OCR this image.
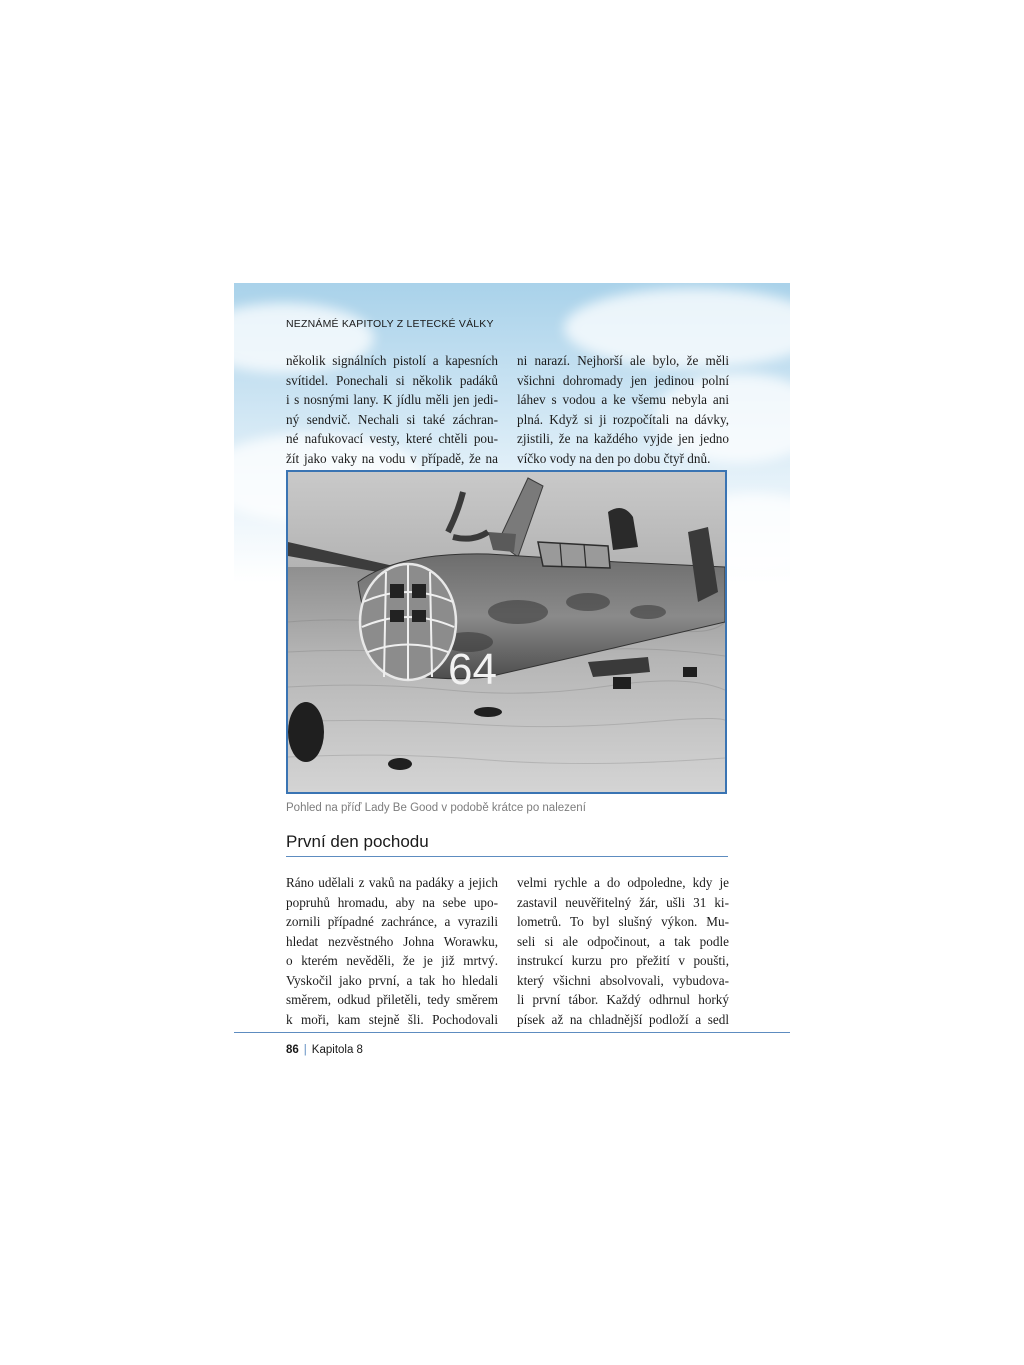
NEZNÁMÉ KAPITOLY Z LETECKÉ VÁLKY
několik signálních pistolí a kapesních
svítidel. Ponechali si několik padáků
i s nosnými lany. K jídlu měli jen jedi-
ný sendvič. Nechali si také záchran-
né nafukovací vesty, které chtěli pou-
žít jako vaky na vodu v případě, že na
ni narazí. Nejhorší ale bylo, že měli
všichni dohromady jen jedinou polní
láhev s vodou a ke všemu nebyla ani
plná. Když si ji rozpočítali na dávky,
zjistili, že na každého vyjde jen jedno
víčko vody na den po dobu čtyř dnů.
64
Pohled na příď Lady Be Good v podobě krátce po nalezení
První den pochodu
Ráno udělali z vaků na padáky a jejich
popruhů hromadu, aby na sebe upo-
zornili případné zachránce, a vyrazili
hledat nezvěstného Johna Worawku,
o kterém nevěděli, že je již mrtvý.
Vyskočil jako první, a tak ho hledali
směrem, odkud přiletěli, tedy směrem
k moři, kam stejně šli. Pochodovali
velmi rychle a do odpoledne, kdy je
zastavil neuvěřitelný žár, ušli 31 ki-
lometrů. To byl slušný výkon. Mu-
seli si ale odpočinout, a tak podle
instrukcí kurzu pro přežití v poušti,
který všichni absolvovali, vybudova-
li první tábor. Každý odhrnul horký
písek až na chladnější podloží a sedl
86 | Kapitola 8
